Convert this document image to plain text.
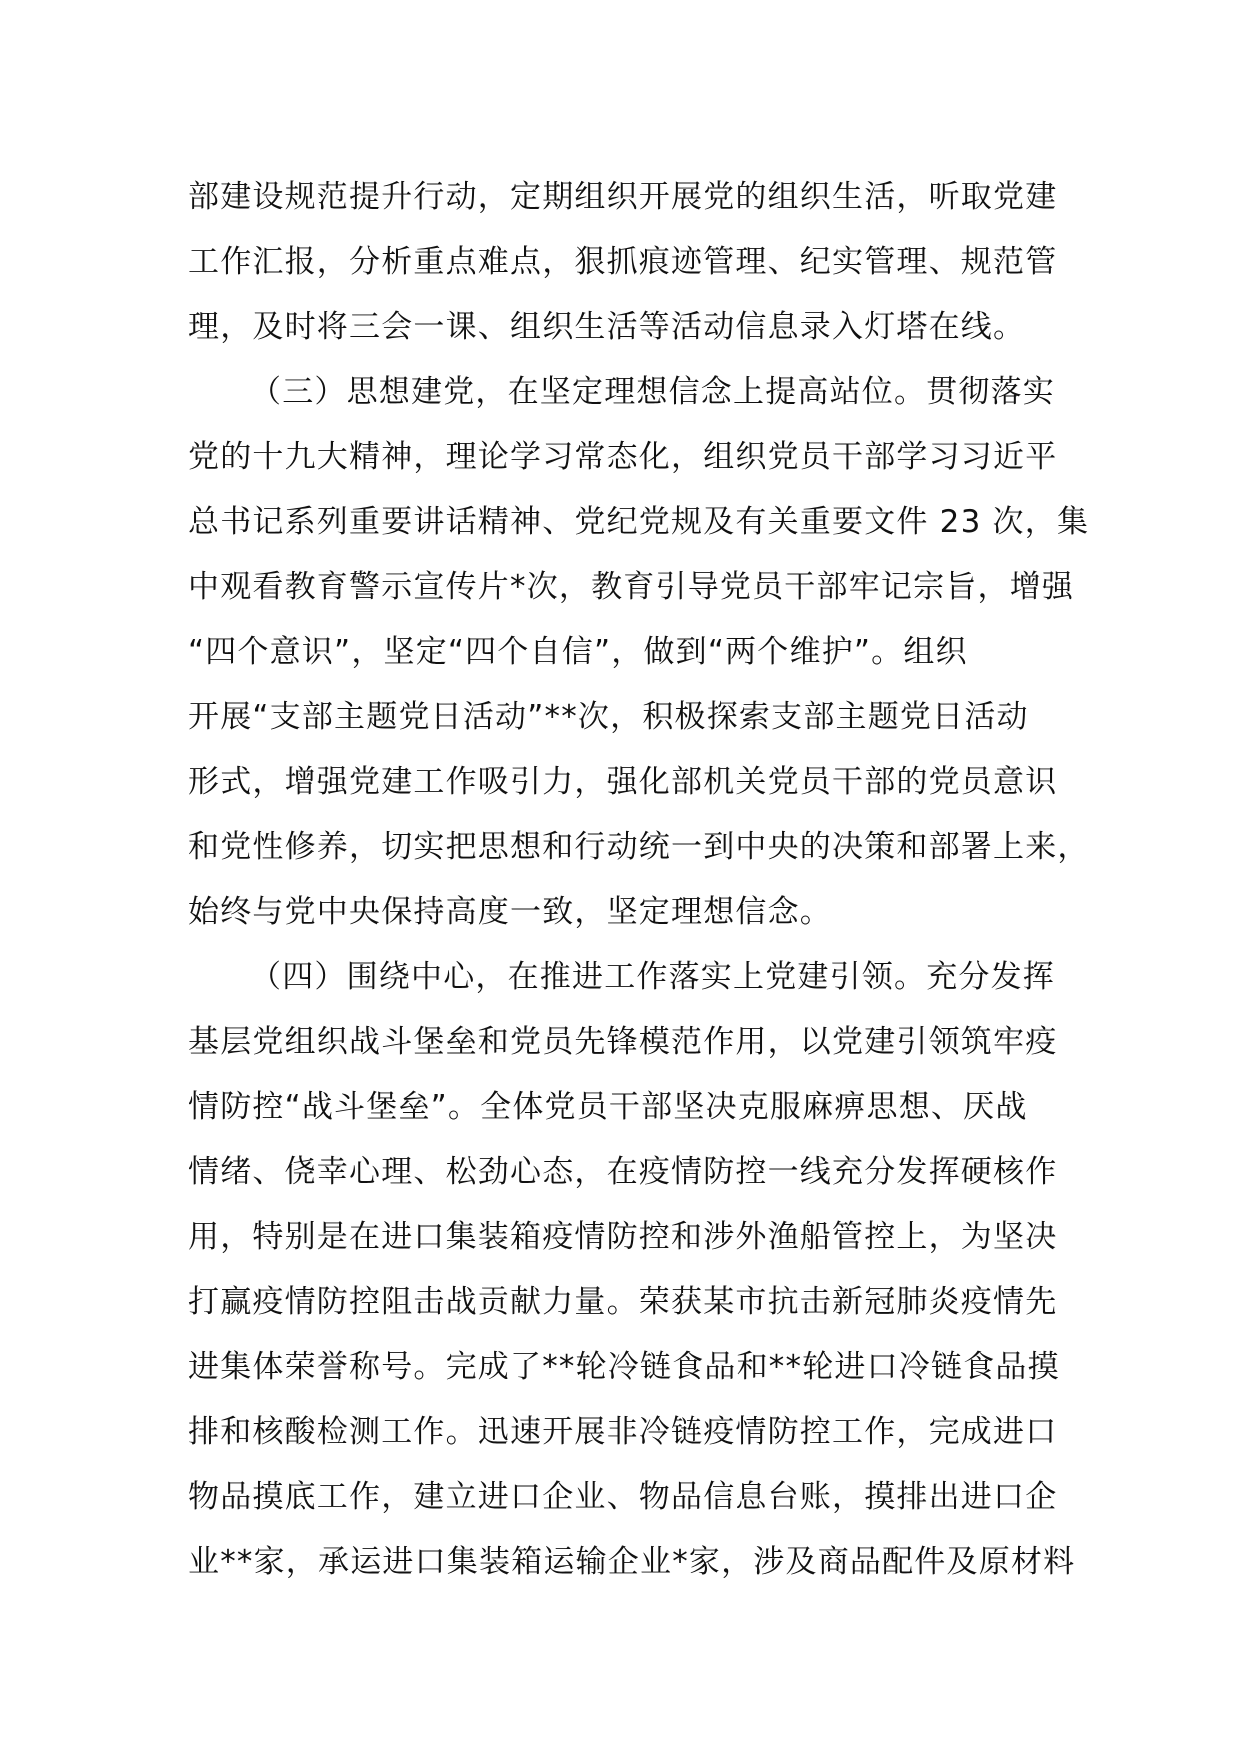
部建设规范提升行动，定期组织开展党的组织生活，听取党建
工作汇报，分析重点难点，狠抓痕迹管理、纪实管理、规范管
理，及时将三会一课、组织生活等活动信息录入灯塔在线。
（三）思想建党，在坚定理想信念上提高站位。贯彻落实
党的十九大精神，理论学习常态化，组织党员干部学习习近平
总书记系列重要讲话精神、党纪党规及有关重要文件 23 次，集
中观看教育警示宣传片*次，教育引导党员干部牢记宗旨，增强
“四个意识”，坚定“四个自信”，做到“两个维护”。组织
开展“支部主题党日活动”**次，积极探索支部主题党日活动
形式，增强党建工作吸引力，强化部机关党员干部的党员意识
和党性修养，切实把思想和行动统一到中央的决策和部署上来，
始终与党中央保持高度一致，坚定理想信念。
（四）围绕中心，在推进工作落实上党建引领。充分发挥
基层党组织战斗堡垒和党员先锋模范作用，以党建引领筑牢疫
情防控“战斗堡垒”。全体党员干部坚决克服麻痹思想、厌战
情绪、侥幸心理、松劲心态，在疫情防控一线充分发挥硬核作
用，特别是在进口集装箱疫情防控和涉外渔船管控上，为坚决
打赢疫情防控阻击战贡献力量。荣获某市抗击新冠肺炎疫情先
进集体荣誉称号。完成了**轮冷链食品和**轮进口冷链食品摸
排和核酸检测工作。迅速开展非冷链疫情防控工作，完成进口
物品摸底工作，建立进口企业、物品信息台账，摸排出进口企
业**家，承运进口集装箱运输企业*家，涉及商品配件及原材料
